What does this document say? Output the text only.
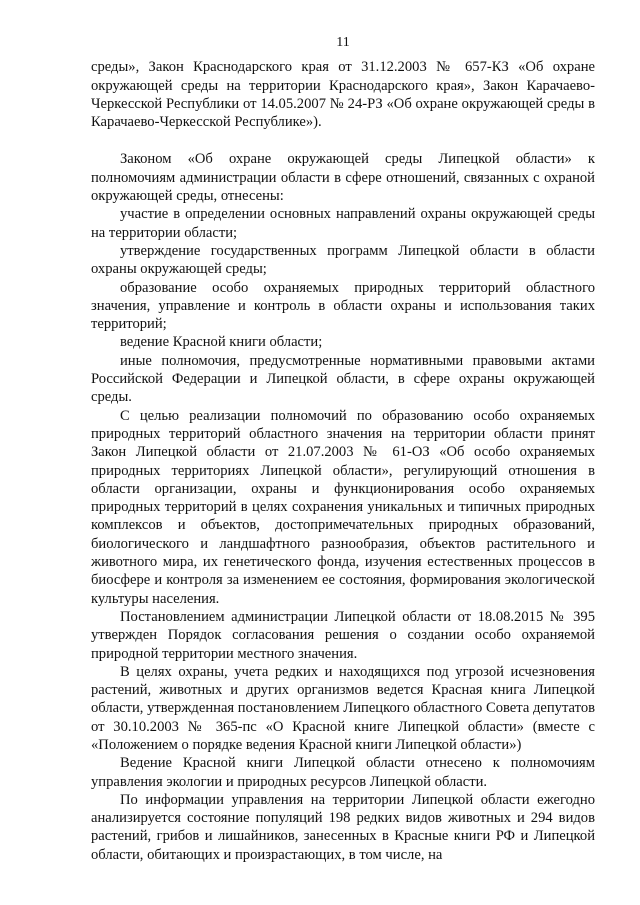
11

среды», Закон Краснодарского края от 31.12.2003 № 657-КЗ «Об охране окружающей среды на территории Краснодарского края», Закон Карачаево-Черкесской Республики от 14.05.2007 № 24-РЗ «Об охране окружающей среды в Карачаево-Черкесской Республике»).

Законом «Об охране окружающей среды Липецкой области» к полномочиям администрации области в сфере отношений, связанных с охраной окружающей среды, отнесены:

участие в определении основных направлений охраны окружающей среды на территории области;

утверждение государственных программ Липецкой области в области охраны окружающей среды;

образование особо охраняемых природных территорий областного значения, управление и контроль в области охраны и использования таких территорий;

ведение Красной книги области;

иные полномочия, предусмотренные нормативными правовыми актами Российской Федерации и Липецкой области, в сфере охраны окружающей среды.

С целью реализации полномочий по образованию особо охраняемых природных территорий областного значения на территории области принят Закон Липецкой области от 21.07.2003 № 61-ОЗ «Об особо охраняемых природных территориях Липецкой области», регулирующий отношения в области организации, охраны и функционирования особо охраняемых природных территорий в целях сохранения уникальных и типичных природных комплексов и объектов, достопримечательных природных образований, биологического и ландшафтного разнообразия, объектов растительного и животного мира, их генетического фонда, изучения естественных процессов в биосфере и контроля за изменением ее состояния, формирования экологической культуры населения.

Постановлением администрации Липецкой области от 18.08.2015 № 395 утвержден Порядок согласования решения о создании особо охраняемой природной территории местного значения.

В целях охраны, учета редких и находящихся под угрозой исчезновения растений, животных и других организмов ведется Красная книга Липецкой области, утвержденная постановлением Липецкого областного Совета депутатов от 30.10.2003 № 365-пс «О Красной книге Липецкой области» (вместе с «Положением о порядке ведения Красной книги Липецкой области»)

Ведение Красной книги Липецкой области отнесено к полномочиям управления экологии и природных ресурсов Липецкой области.

По информации управления на территории Липецкой области ежегодно анализируется состояние популяций 198 редких видов животных и 294 видов растений, грибов и лишайников, занесенных в Красные книги РФ и Липецкой области, обитающих и произрастающих, в том числе, на
